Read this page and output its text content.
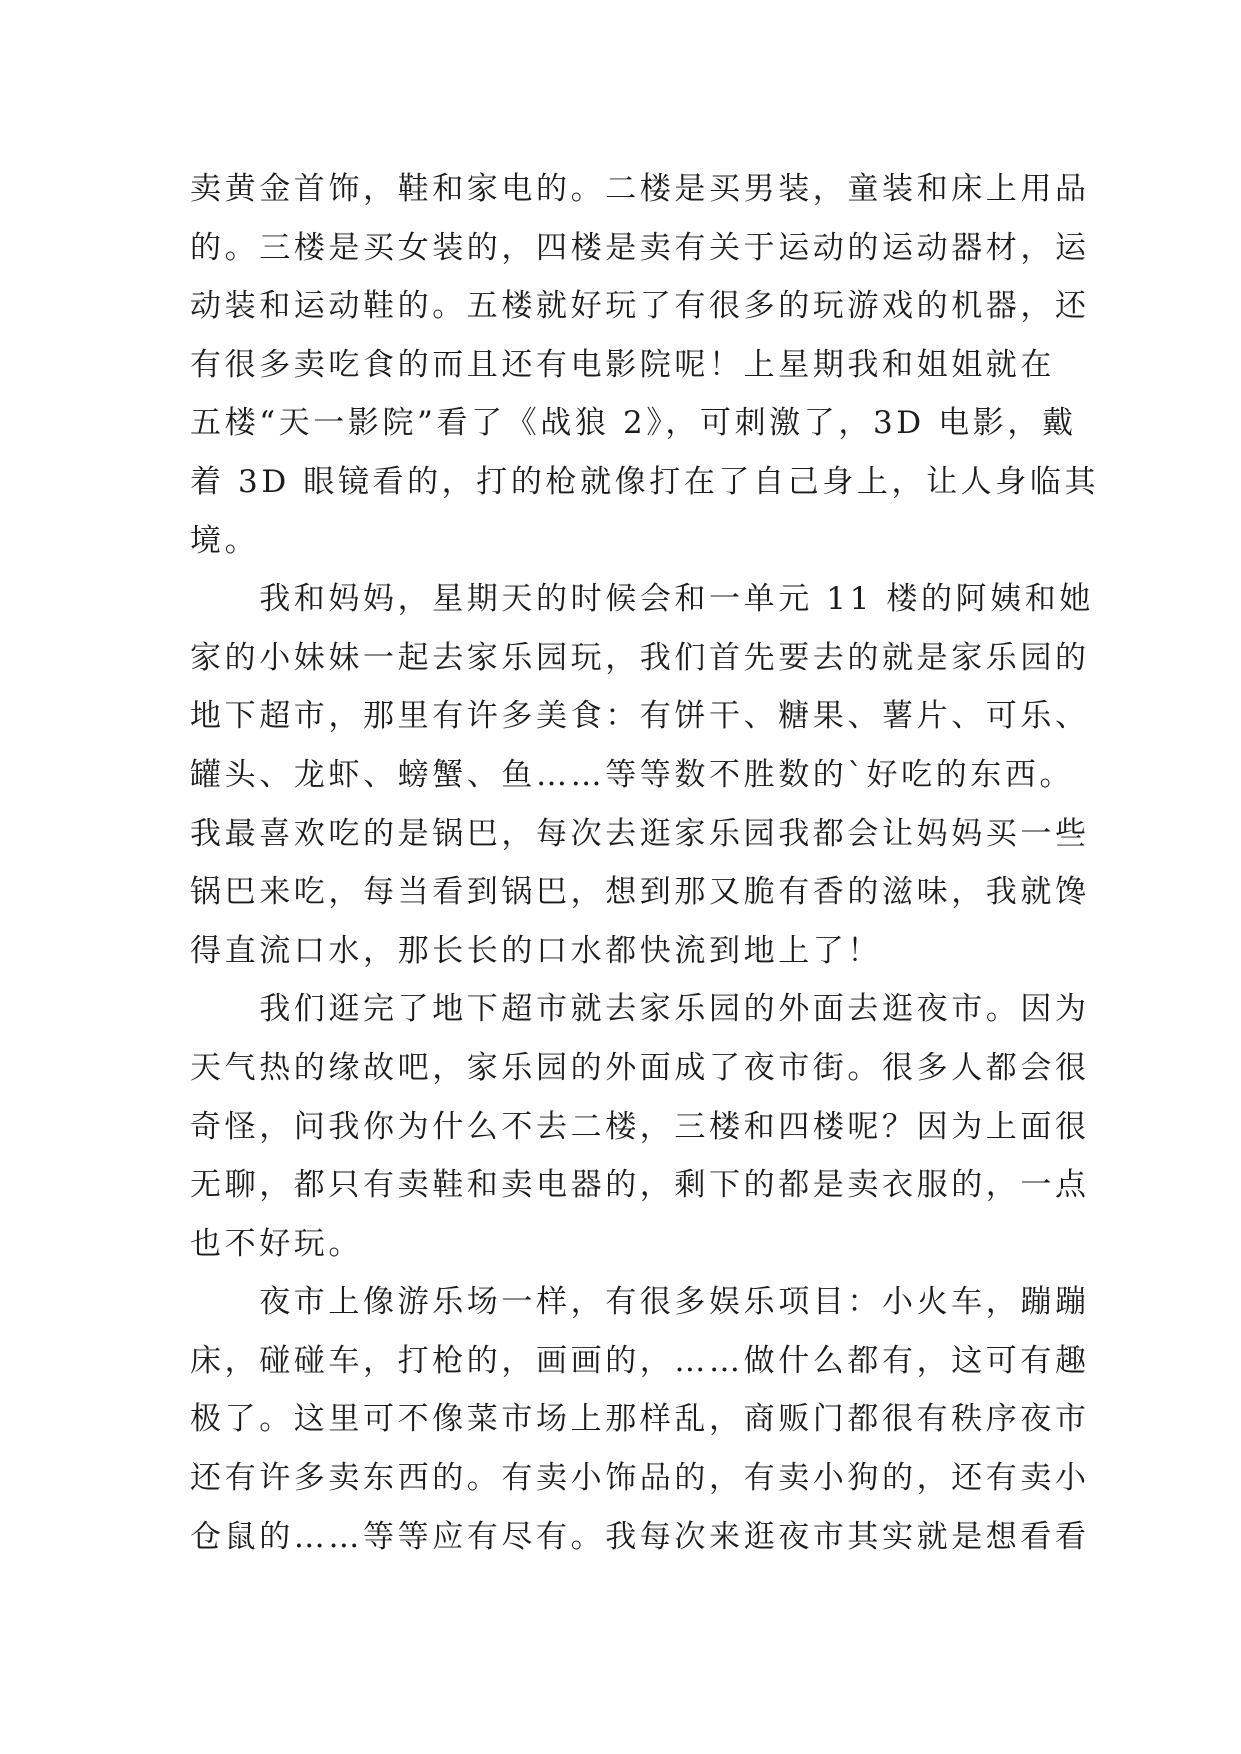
卖黄金首饰，鞋和家电的。二楼是买男装，童装和床上用品

的。三楼是买女装的，四楼是卖有关于运动的运动器材，运

动装和运动鞋的。五楼就好玩了有很多的玩游戏的机器，还

有很多卖吃食的而且还有电影院呢！上星期我和姐姐就在

五楼“天一影院”看了《战狼 2》，可刺激了，3D 电影，戴

着 3D 眼镜看的，打的枪就像打在了自己身上，让人身临其

境。

　　我和妈妈，星期天的时候会和一单元 11 楼的阿姨和她

家的小妹妹一起去家乐园玩，我们首先要去的就是家乐园的

地下超市，那里有许多美食：有饼干、糖果、薯片、可乐、

罐头、龙虾、螃蟹、鱼……等等数不胜数的`好吃的东西。

我最喜欢吃的是锅巴，每次去逛家乐园我都会让妈妈买一些

锅巴来吃，每当看到锅巴，想到那又脆有香的滋味，我就馋

得直流口水，那长长的口水都快流到地上了！

　　我们逛完了地下超市就去家乐园的外面去逛夜市。因为

天气热的缘故吧，家乐园的外面成了夜市街。很多人都会很

奇怪，问我你为什么不去二楼，三楼和四楼呢？因为上面很

无聊，都只有卖鞋和卖电器的，剩下的都是卖衣服的，一点

也不好玩。

　　夜市上像游乐场一样，有很多娱乐项目：小火车，蹦蹦

床，碰碰车，打枪的，画画的，……做什么都有，这可有趣

极了。这里可不像菜市场上那样乱，商贩门都很有秩序夜市

还有许多卖东西的。有卖小饰品的，有卖小狗的，还有卖小

仓鼠的……等等应有尽有。我每次来逛夜市其实就是想看看
